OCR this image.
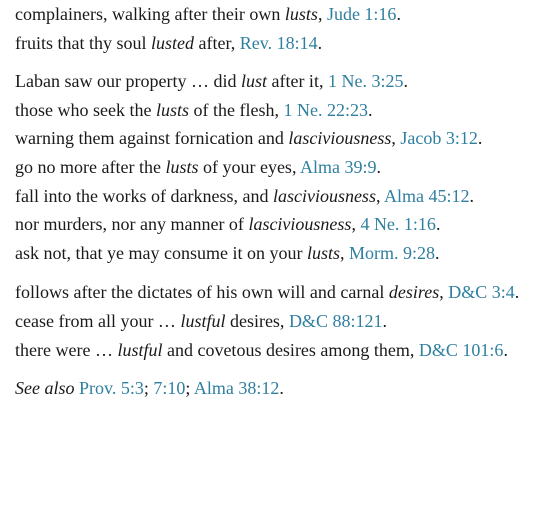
complainers, walking after their own lusts, Jude 1:16.
fruits that thy soul lusted after, Rev. 18:14.
Laban saw our property … did lust after it, 1 Ne. 3:25.
those who seek the lusts of the flesh, 1 Ne. 22:23.
warning them against fornication and lasciviousness, Jacob 3:12.
go no more after the lusts of your eyes, Alma 39:9.
fall into the works of darkness, and lasciviousness, Alma 45:12.
nor murders, nor any manner of lasciviousness, 4 Ne. 1:16.
ask not, that ye may consume it on your lusts, Morm. 9:28.
follows after the dictates of his own will and carnal desires, D&C 3:4.
cease from all your … lustful desires, D&C 88:121.
there were … lustful and covetous desires among them, D&C 101:6.
See also Prov. 5:3; 7:10; Alma 38:12.
